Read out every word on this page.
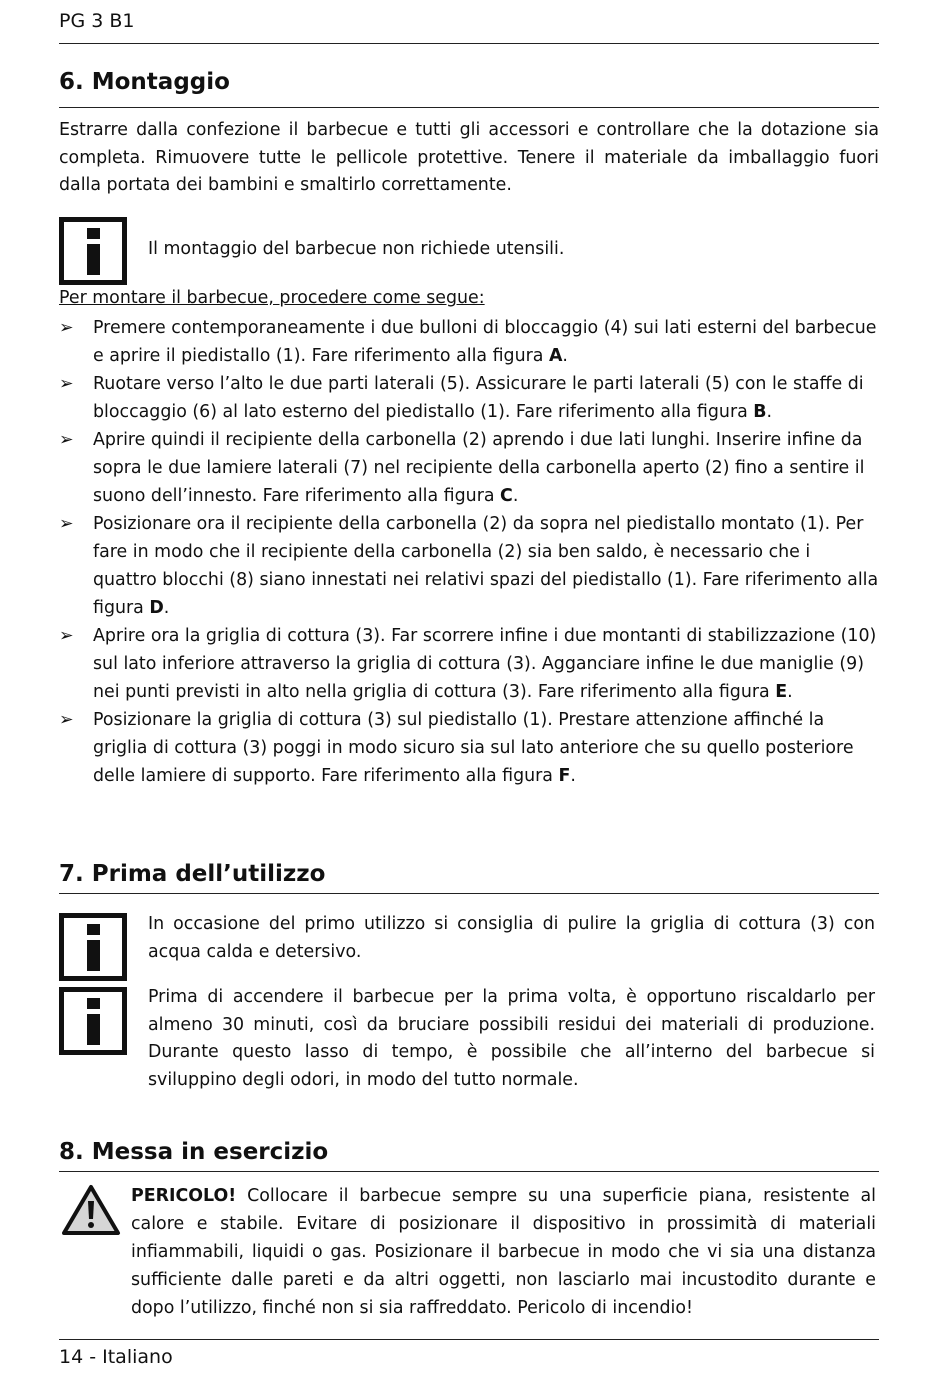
PG 3 B1
6. Montaggio

Estrarre dalla confezione il barbecue e tutti gli accessori e controllare che la dotazione sia completa. Rimuovere tutte le pellicole protettive. Tenere il materiale da imballaggio fuori dalla portata dei bambini e smaltirlo correttamente.

Il montaggio del barbecue non richiede utensili.

Per montare il barbecue, procedere come segue:

➢ Premere contemporaneamente i due bulloni di bloccaggio (4) sui lati esterni del barbecue e aprire il piedistallo (1). Fare riferimento alla figura A.
➢ Ruotare verso l’alto le due parti laterali (5). Assicurare le parti laterali (5) con le staffe di bloccaggio (6) al lato esterno del piedistallo (1). Fare riferimento alla figura B.
➢ Aprire quindi il recipiente della carbonella (2) aprendo i due lati lunghi. Inserire infine da sopra le due lamiere laterali (7) nel recipiente della carbonella aperto (2) fino a sentire il suono dell’innesto. Fare riferimento alla figura C.
➢ Posizionare ora il recipiente della carbonella (2) da sopra nel piedistallo montato (1). Per fare in modo che il recipiente della carbonella (2) sia ben saldo, è necessario che i quattro blocchi (8) siano innestati nei relativi spazi del piedistallo (1). Fare riferimento alla figura D.
➢ Aprire ora la griglia di cottura (3). Far scorrere infine i due montanti di stabilizzazione (10) sul lato inferiore attraverso la griglia di cottura (3). Agganciare infine le due maniglie (9) nei punti previsti in alto nella griglia di cottura (3). Fare riferimento alla figura E.
➢ Posizionare la griglia di cottura (3) sul piedistallo (1). Prestare attenzione affinché la griglia di cottura (3) poggi in modo sicuro sia sul lato anteriore che su quello posteriore delle lamiere di supporto. Fare riferimento alla figura F.
7. Prima dell’utilizzo

In occasione del primo utilizzo si consiglia di pulire la griglia di cottura (3) con acqua calda e detersivo.

Prima di accendere il barbecue per la prima volta, è opportuno riscaldarlo per almeno 30 minuti, così da bruciare possibili residui dei materiali di produzione. Durante questo lasso di tempo, è possibile che all’interno del barbecue si sviluppino degli odori, in modo del tutto normale.

8. Messa in esercizio

PERICOLO! Collocare il barbecue sempre su una superficie piana, resistente al calore e stabile. Evitare di posizionare il dispositivo in prossimità di materiali infiammabili, liquidi o gas. Posizionare il barbecue in modo che vi sia una distanza sufficiente dalle pareti e da altri oggetti, non lasciarlo mai incustodito durante e dopo l’utilizzo, finché non si sia raffreddato. Pericolo di incendio!

14 - Italiano
